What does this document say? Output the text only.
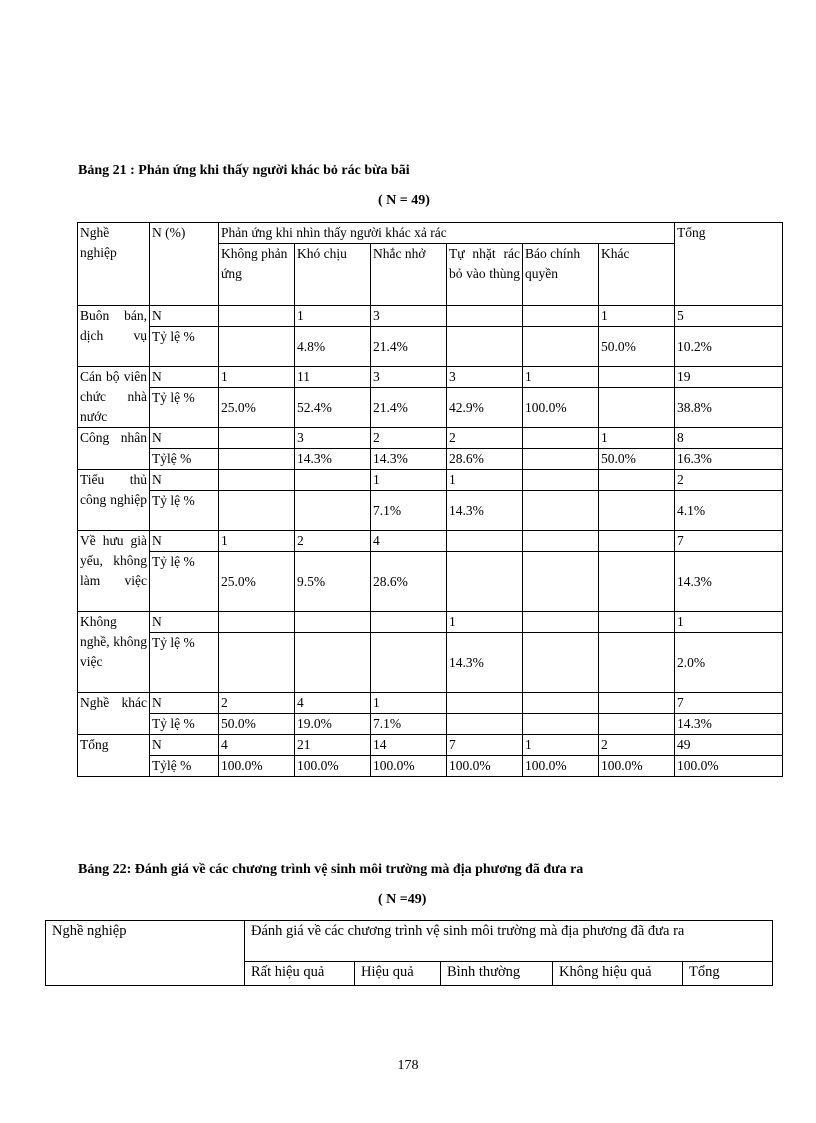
Bảng 21 : Phản ứng khi thấy người khác bỏ rác bừa bãi
( N = 49)
Nghề nghiệp	N (%)	Phản ứng khi nhìn thấy người khác xả rác						Tổng
		Không phản ứng	Khó chịu	Nhắc nhở	Tự nhặt rác bỏ vào thùng	Báo chính quyền	Khác	
Buôn bán, dịch vụ	N		1	3			1	5
	Tỷ lệ %		4.8%	21.4%			50.0%	10.2%
Cán bộ viên chức nhà nước	N	1	11	3	3	1		19
	Tỷ lệ %	25.0%	52.4%	21.4%	42.9%	100.0%		38.8%
Công nhân	N		3	2	2		1	8
	Tỷlệ %		14.3%	14.3%	28.6%		50.0%	16.3%
Tiểu thủ công nghiệp	N			1	1			2
	Tỷ lệ %			7.1%	14.3%			4.1%
Về hưu già yếu, không làm việc	N	1	2	4				7
	Tỷ lệ %	25.0%	9.5%	28.6%				14.3%
Không nghề, không việc	N				1			1
	Tỷ lệ %				14.3%			2.0%
Nghề khác	N	2	4	1				7
	Tỷ lệ %	50.0%	19.0%	7.1%				14.3%
Tổng	N	4	21	14	7	1	2	49
	Tỷlệ %	100.0%	100.0%	100.0%	100.0%	100.0%	100.0%	100.0%
Bảng 22: Đánh giá về các chương trình vệ sinh môi trường mà địa phương đã đưa ra
( N =49)
Nghề nghiệp	Đánh giá về các chương trình vệ sinh môi trường mà địa phương đã đưa ra				
	Rất hiệu quả	Hiệu quả	Bình thường	Không hiệu quả	Tổng
178
